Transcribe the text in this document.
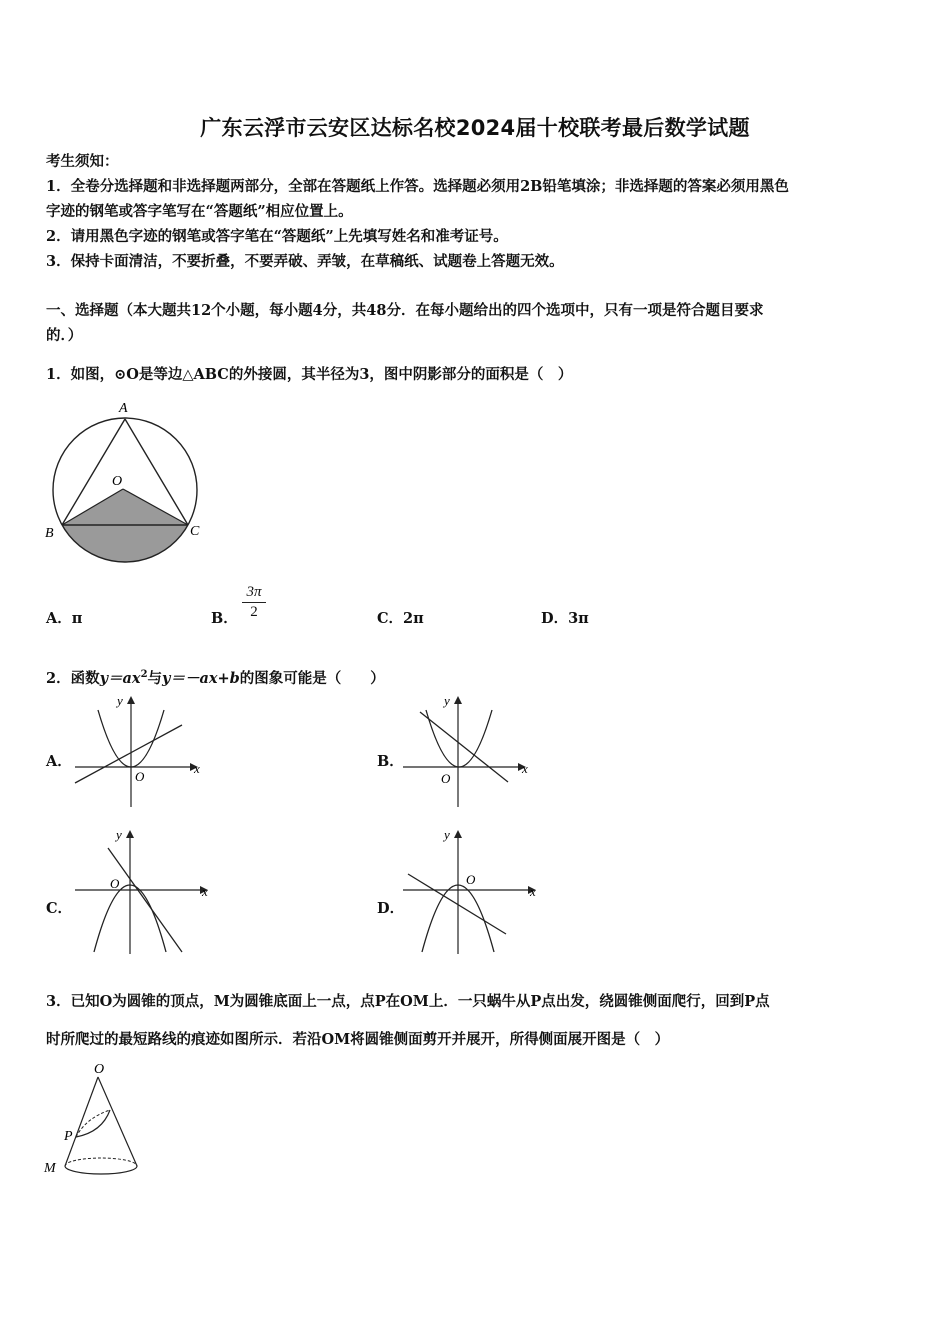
广东云浮市云安区达标名校2024届十校联考最后数学试题
考生须知：
1．全卷分选择题和非选择题两部分，全部在答题纸上作答。选择题必须用2B铅笔填涂；非选择题的答案必须用黑色
字迹的钢笔或答字笔写在“答题纸”相应位置上。
2．请用黑色字迹的钢笔或答字笔在“答题纸”上先填写姓名和准考证号。
3．保持卡面清洁，不要折叠，不要弄破、弄皱，在草稿纸、试题卷上答题无效。
一、选择题（本大题共12个小题，每小题4分，共48分．在每小题给出的四个选项中，只有一项是符合题目要求
的．）
1．如图，⊙O是等边△ABC的外接圆，其半径为3，图中阴影部分的面积是（　）
A
O
B	C
A．π	B．
3π
2	C．2π	D．3π
2．函数$y=ax^2$与y＝－ax+b的图象可能是（　　）
A．
y
x
O
B．
y
x
O
C．
y
x
O
D．
y
x
O
3．已知O为圆锥的顶点，M为圆锥底面上一点，点P在OM上．一只蜗牛从P点出发，绕圆锥侧面爬行，回到P点
时所爬过的最短路线的痕迹如图所示．若沿OM将圆锥侧面剪开并展开，所得侧面展开图是（　）
O
P
M
